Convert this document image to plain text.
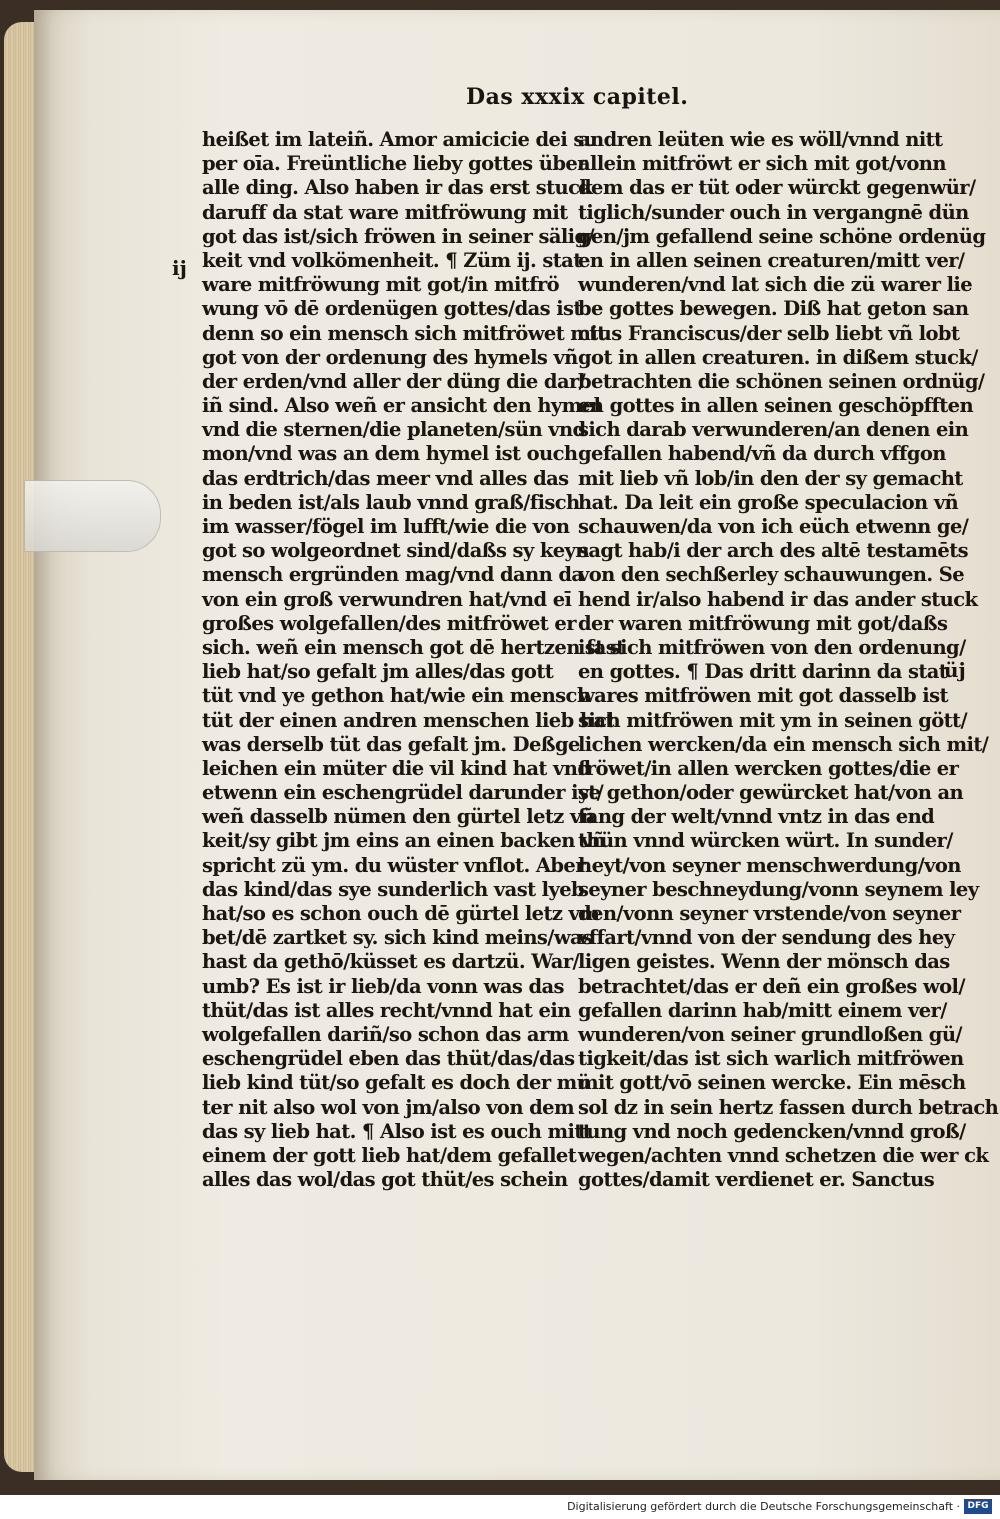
Das xxxix capitel.
ij
üj
heißet im lateiñ. Amor amicicie dei su
per oīa. Freüntliche lieby gottes über
alle ding. Also haben ir das erst stuck
daruff da stat ware mitfröwung mit
got das ist/sich fröwen in seiner sälig/
keit vnd volkömenheit. ¶ Züm ij. stat
ware mitfröwung mit got/in mitfrö
wung vō dē ordenügen gottes/das ist
denn so ein mensch sich mitfröwet mit
got von der ordenung des hymels vñ
der erden/vnd aller der düng die dar/
iñ sind. Also weñ er ansicht den hymel
vnd die sternen/die planeten/sün vnd
mon/vnd was an dem hymel ist ouch
das erdtrich/das meer vnd alles das
in beden ist/als laub vnnd graß/fisch
im wasser/fögel im lufft/wie die von
got so wolgeordnet sind/daßs sy keyn
mensch ergründen mag/vnd dann da
von ein groß verwundren hat/vnd eī
großes wolgefallen/des mitfröwet er
sich. weñ ein mensch got dē hertzen fast
lieb hat/so gefalt jm alles/das gott
tüt vnd ye gethon hat/wie ein mensch
tüt der einen andren menschen lieb hat
was derselb tüt das gefalt jm. Deßge
leichen ein müter die vil kind hat vnd
etwenn ein eschengrüdel darunder ist/
weñ dasselb nümen den gürtel letz vñ
keit/sy gibt jm eins an einen backen vñ
spricht zü ym. du wüster vnflot. Aber
das kind/das sye sunderlich vast lyeb
hat/so es schon ouch dē gürtel letz vm
bet/dē zartket sy. sich kind meins/was
hast da gethō/küsset es dartzü. War/
umb? Es ist ir lieb/da vonn was das
thüt/das ist alles recht/vnnd hat ein
wolgefallen dariñ/so schon das arm
eschengrüdel eben das thüt/das/das
lieb kind tüt/so gefalt es doch der mü
ter nit also wol von jm/also von dem
das sy lieb hat. ¶ Also ist es ouch mitt
einem der gott lieb hat/dem gefallet
alles das wol/das got thüt/es schein
andren leüten wie es wöll/vnnd nitt
allein mitfröwt er sich mit got/vonn
dem das er tüt oder würckt gegenwür/
tiglich/sunder ouch in vergangnē dün
gen/jm gefallend seine schöne ordenüg
en in allen seinen creaturen/mitt ver/
wunderen/vnd lat sich die zü warer lie
be gottes bewegen. Diß hat geton san
ctus Franciscus/der selb liebt vñ lobt
got in allen creaturen. in dißem stuck/
betrachten die schönen seinen ordnüg/
en gottes in allen seinen geschöpfften
sich darab verwunderen/an denen ein
gefallen habend/vñ da durch vffgon
mit lieb vñ lob/in den der sy gemacht
hat. Da leit ein große speculacion vñ
schauwen/da von ich eüch etwenn ge/
sagt hab/i der arch des altē testamēts
von den sechßerley schauwungen. Se
hend ir/also habend ir das ander stuck
der waren mitfröwung mit got/daßs
ist sich mitfröwen von den ordenung/
en gottes. ¶ Das dritt darinn da stat
wares mitfröwen mit got dasselb ist
sich mitfröwen mit ym in seinen gött/
lichen wercken/da ein mensch sich mit/
fröwet/in allen wercken gottes/die er
ye gethon/oder gewürcket hat/von an
fang der welt/vnnd vntz in das end
thün vnnd würcken würt. In sunder/
heyt/von seyner menschwerdung/von
seyner beschneydung/vonn seynem ley
den/vonn seyner vrstende/von seyner
vffart/vnnd von der sendung des hey
ligen geistes. Wenn der mönsch das
betrachtet/das er deñ ein großes wol/
gefallen darinn hab/mitt einem ver/
wunderen/von seiner grundloßen gü/
tigkeit/das ist sich warlich mitfröwen
mit gott/vō seinen wercke. Ein mēsch
sol dz in sein hertz fassen durch betrach
tung vnd noch gedencken/vnnd groß/
wegen/achten vnnd schetzen die wer ck
gottes/damit verdienet er. Sanctus
Digitalisierung gefördert durch die Deutsche Forschungsgemeinschaft · DFG
